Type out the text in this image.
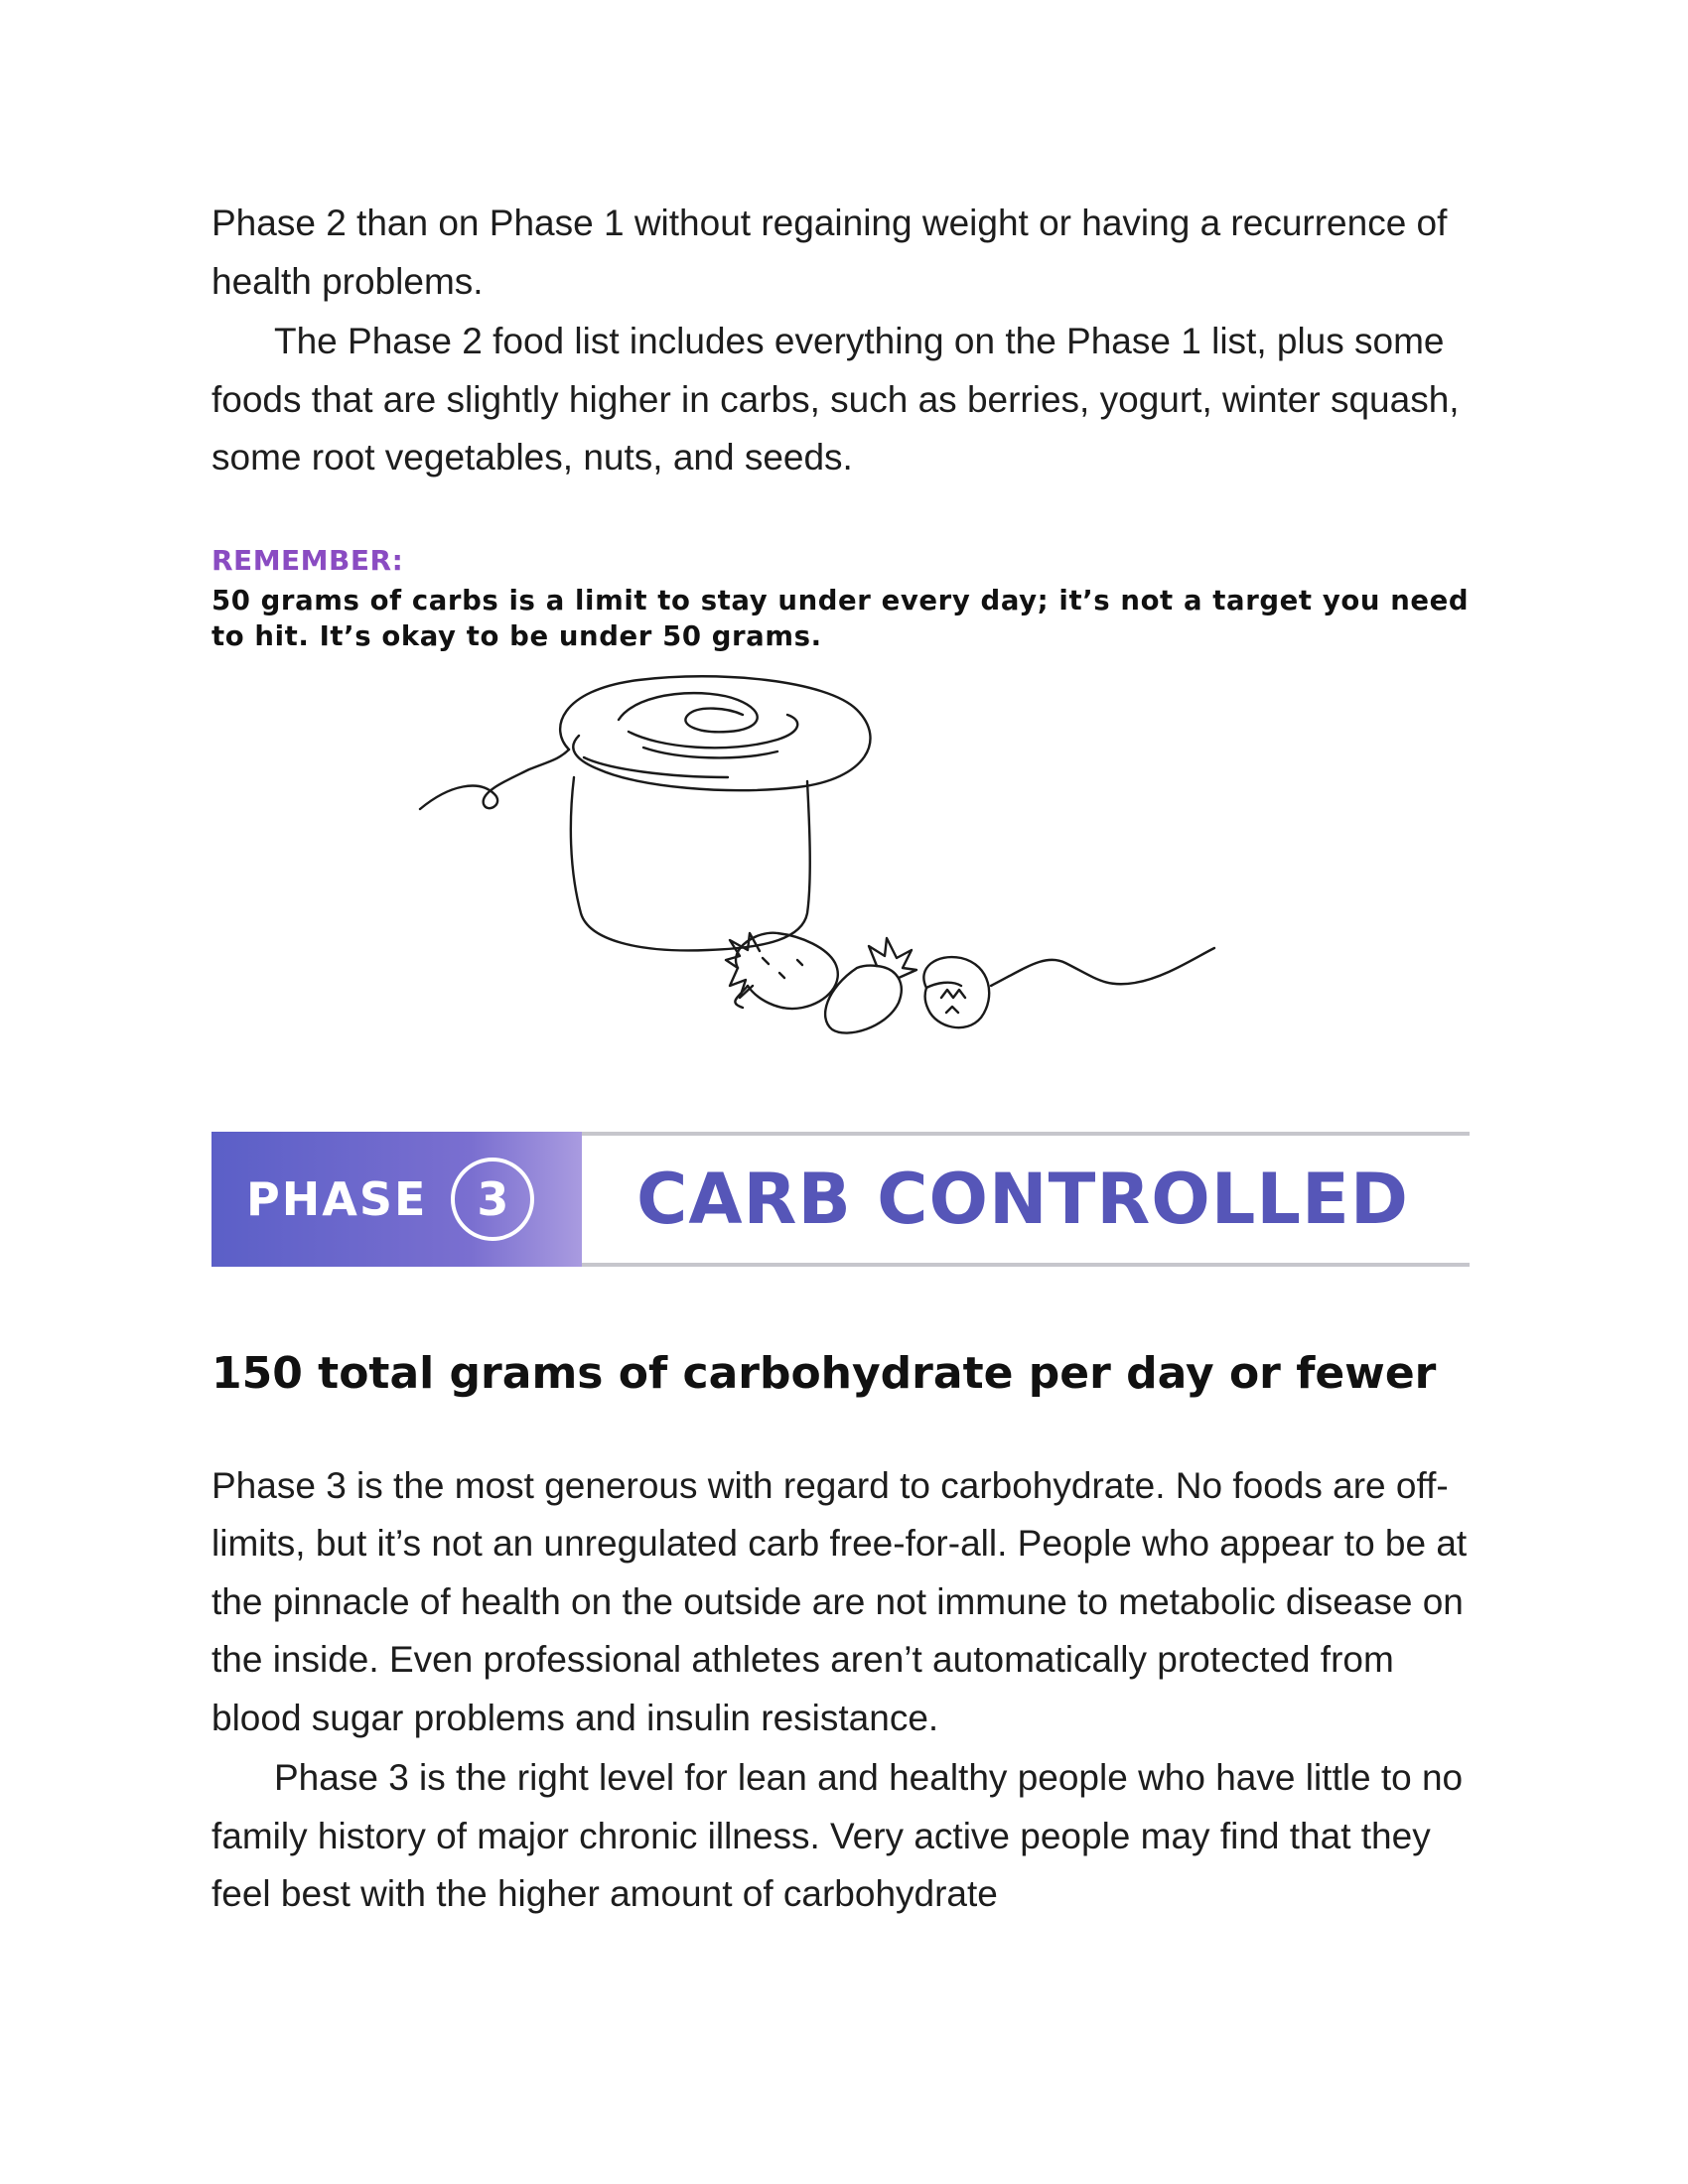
Phase 2 than on Phase 1 without regaining weight or having a recurrence of health problems.

The Phase 2 food list includes everything on the Phase 1 list, plus some foods that are slightly higher in carbs, such as berries, yogurt, winter squash, some root vegetables, nuts, and seeds.

REMEMBER:
50 grams of carbs is a limit to stay under every day; it’s not a target you need to hit. It’s okay to be under 50 grams.
PHASE	3	CARB CONTROLLED
150 total grams of carbohydrate per day or fewer

Phase 3 is the most generous with regard to carbohydrate. No foods are off-limits, but it’s not an unregulated carb free-for-all. People who appear to be at the pinnacle of health on the outside are not immune to metabolic disease on the inside. Even professional athletes aren’t automatically protected from blood sugar problems and insulin resistance.

Phase 3 is the right level for lean and healthy people who have little to no family history of major chronic illness. Very active people may find that they feel best with the higher amount of carbohydrate
